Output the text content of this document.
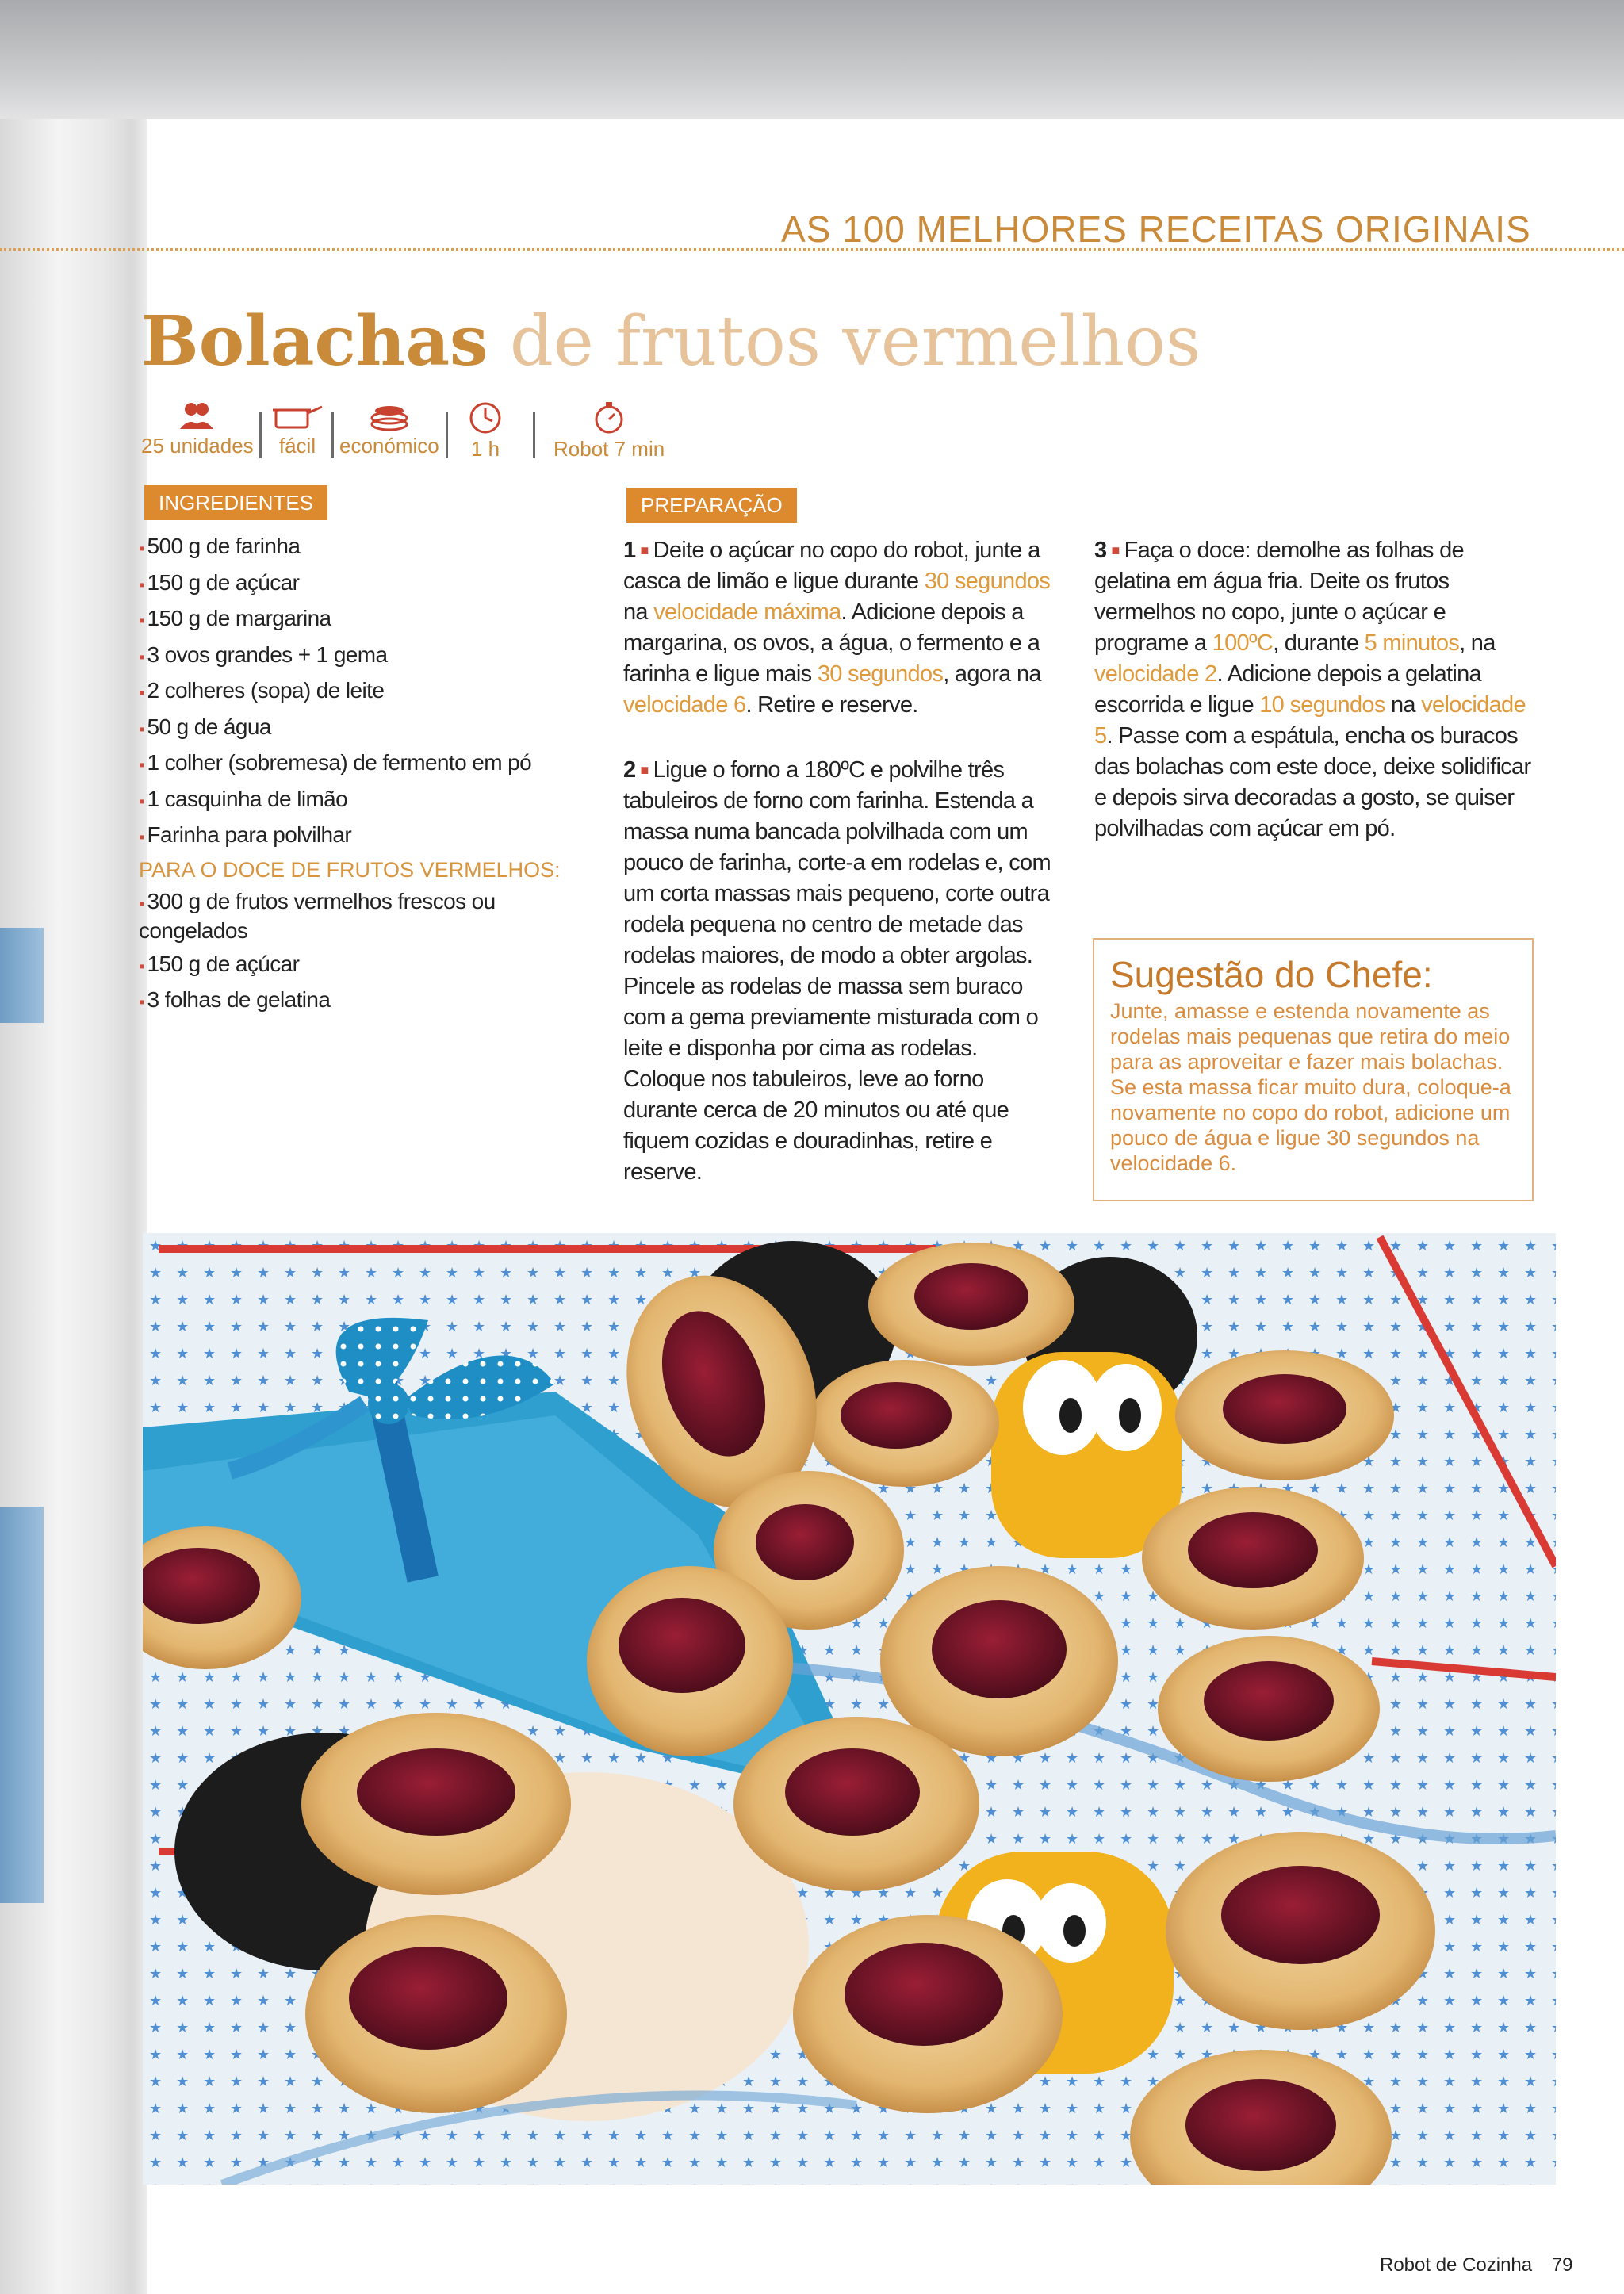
AS 100 MELHORES RECEITAS ORIGINAIS
Bolachas de frutos vermelhos
25 unidades	fácil	económico 1 h	Robot 7 min
INGREDIENTES
▪ 500 g de farinha
▪ 150 g de açúcar
▪ 150 g de margarina
▪ 3 ovos grandes + 1 gema
▪ 2 colheres (sopa) de leite
▪ 50 g de água
▪ 1 colher (sobremesa) de fermento em pó
▪ 1 casquinha de limão
▪ Farinha para polvilhar
PARA O DOCE DE FRUTOS VERMELHOS:
▪ 300 g de frutos vermelhos frescos ou congelados
▪ 150 g de açúcar
▪ 3 folhas de gelatina
PREPARAÇÃO

1 ■ Deite o açúcar no copo do robot, junte a casca de limão e ligue durante 30 segundos na velocidade máxima. Adicione depois a margarina, os ovos, a água, o fermento e a farinha e ligue mais 30 segundos, agora na velocidade 6. Retire e reserve.

2 ■ Ligue o forno a 180ºC e polvilhe três tabuleiros de forno com farinha. Estenda a massa numa bancada polvilhada com um pouco de farinha, corte-a em rodelas e, com um corta massas mais pequeno, corte outra rodela pequena no centro de metade das rodelas maiores, de modo a obter argolas. Pincele as rodelas de massa sem buraco com a gema previamente misturada com o leite e disponha por cima as rodelas. Coloque nos tabuleiros, leve ao forno durante cerca de 20 minutos ou até que fiquem cozidas e douradinhas, retire e reserve.

3 ■ Faça o doce: demolhe as folhas de gelatina em água fria. Deite os frutos vermelhos no copo, junte o açúcar e programe a 100ºC, durante 5 minutos, na velocidade 2. Adicione depois a gelatina escorrida e ligue 10 segundos na velocidade 5. Passe com a espátula, encha os buracos das bolachas com este doce, deixe solidificar e depois sirva decoradas a gosto, se quiser polvilhadas com açúcar em pó.

Sugestão do Chefe:
Junte, amasse e estenda novamente as rodelas mais pequenas que retira do meio para as aproveitar e fazer mais bolachas. Se esta massa ficar muito dura, coloque-a novamente no copo do robot, adicione um pouco de água e ligue 30 segundos na velocidade 6.
Robot de Cozinha 79
